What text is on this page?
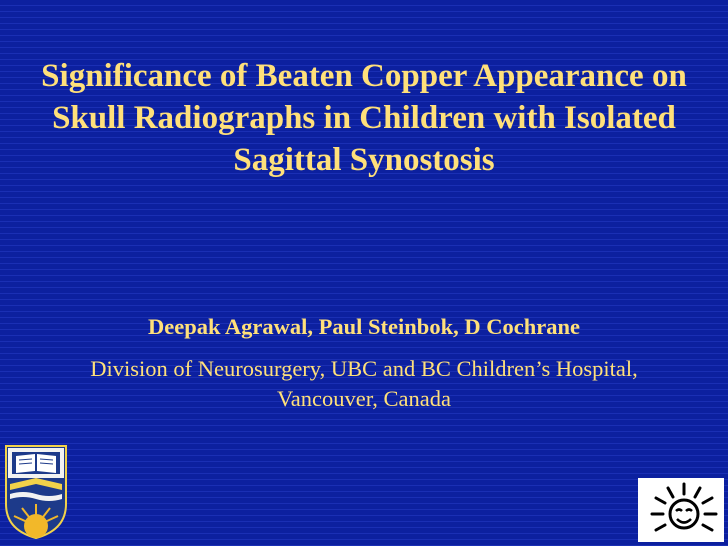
Significance of Beaten Copper Appearance on Skull Radiographs in Children with Isolated Sagittal Synostosis

Deepak Agrawal, Paul Steinbok, D Cochrane

Division of Neurosurgery, UBC and BC Children’s Hospital, Vancouver, Canada
